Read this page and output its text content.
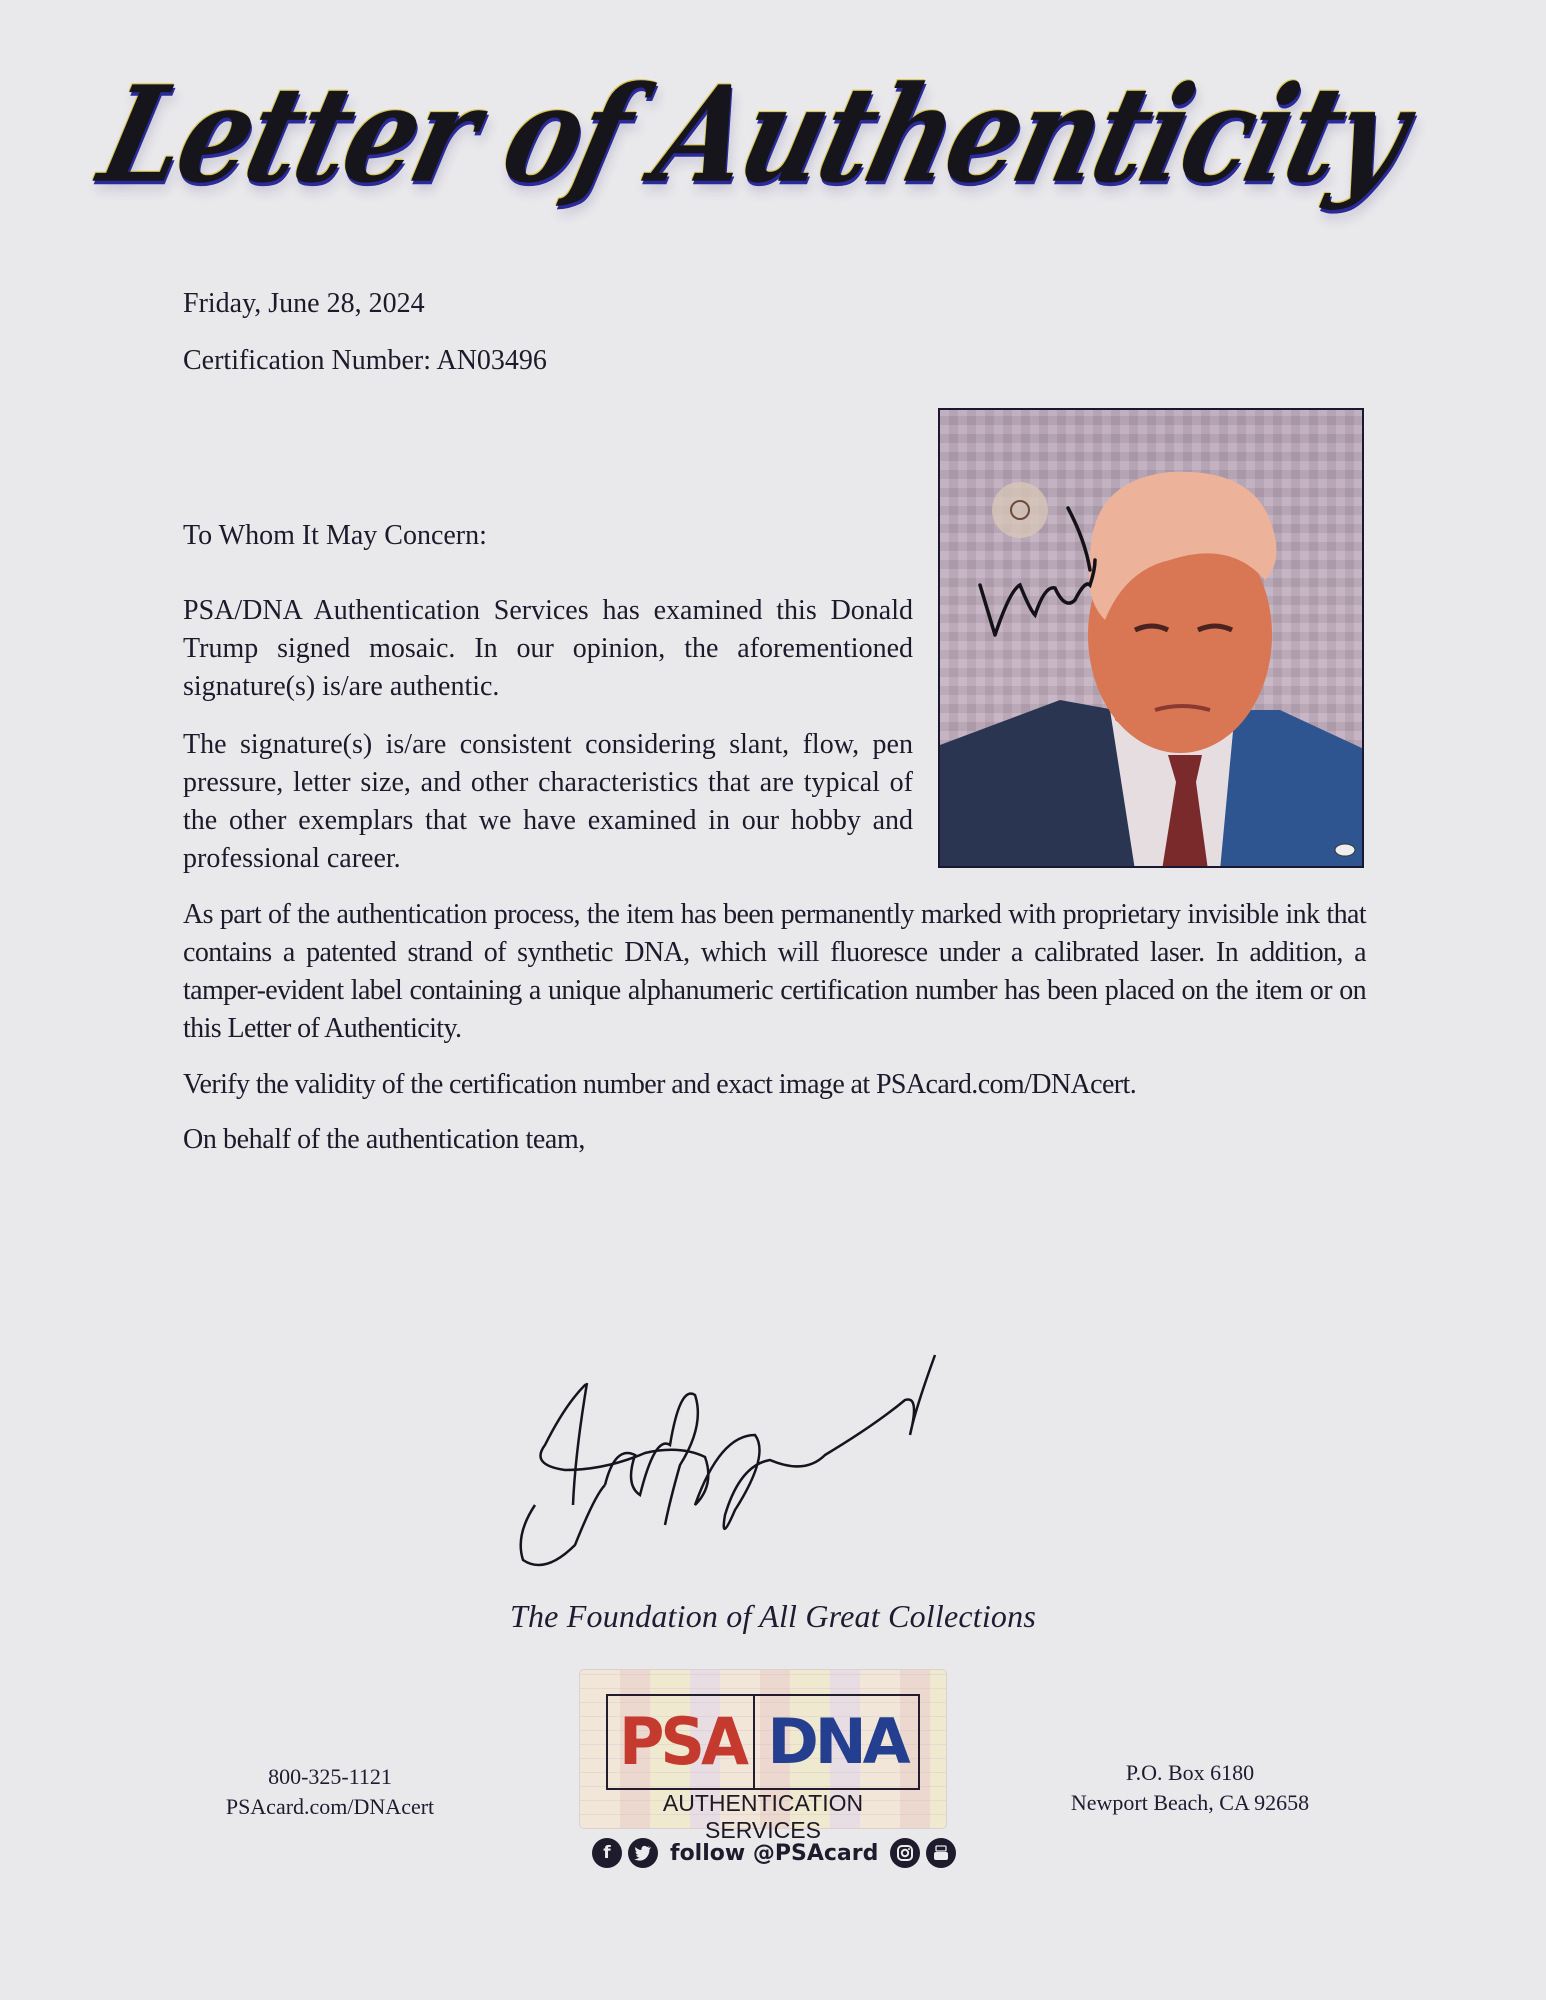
Letter of Authenticity
Friday, June 28, 2024
Certification Number: AN03496
To Whom It May Concern:
PSA/DNA Authentication Services has examined this Donald Trump signed mosaic. In our opinion, the aforementioned signature(s) is/are authentic.
The signature(s) is/are consistent considering slant, flow, pen pressure, letter size, and other characteristics that are typical of the other exemplars that we have examined in our hobby and professional career.
As part of the authentication process, the item has been permanently marked with proprietary invisible ink that contains a patented strand of synthetic DNA, which will fluoresce under a calibrated laser. In addition, a tamper-evident label containing a unique alphanumeric certification number has been placed on the item or on this Letter of Authenticity.
Verify the validity of the certification number and exact image at PSAcard.com/DNAcert.
On behalf of the authentication team,
The Foundation of All Great Collections
PSA DNA
AUTHENTICATION SERVICES
f	follow @PSAcard
800-325-1121
PSAcard.com/DNAcert
P.O. Box 6180
Newport Beach, CA 92658
